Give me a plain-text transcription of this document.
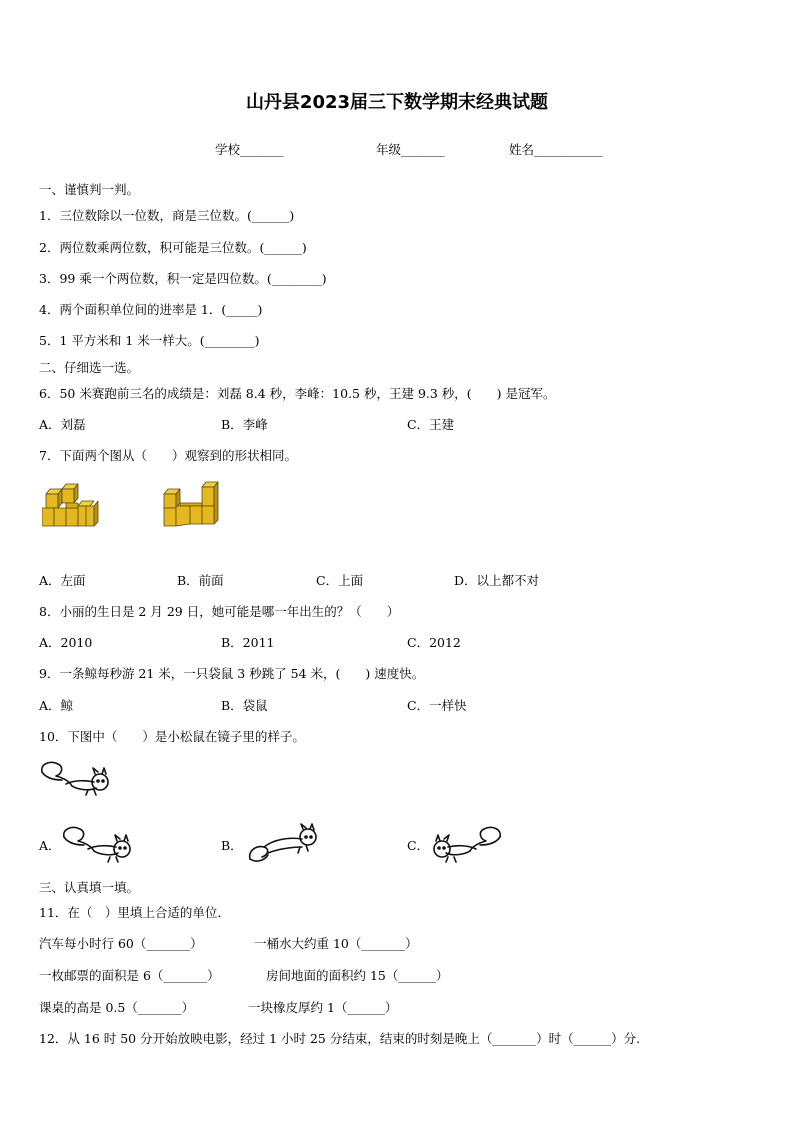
山丹县2023届三下数学期末经典试题
学校_______	年级_______	姓名___________
一、谨慎判一判。
1．三位数除以一位数，商是三位数。(______)
2．两位数乘两位数，积可能是三位数。(______)
3．99 乘一个两位数，积一定是四位数。(________)
4．两个面积单位间的进率是 1．(_____)
5．1 平方米和 1 米一样大。(________)
二、仔细选一选。
6．50 米赛跑前三名的成绩是：刘磊 8.4 秒，李峰：10.5 秒，王建 9.3 秒，(　　) 是冠军。
A．刘磊	B．李峰	C．王建
7．下面两个图从（　　）观察到的形状相同。
A．左面	B．前面	C．上面	D．以上都不对
8．小丽的生日是 2 月 29 日，她可能是哪一年出生的？（　　）
A．2010	B．2011	C．2012
9．一条鲸每秒游 21 米，一只袋鼠 3 秒跳了 54 米，(　　) 速度快。
A．鲸	B．袋鼠	C．一样快
10．下图中（　　）是小松鼠在镜子里的样子。
A．	B．	C．
三、认真填一填。
11．在（　）里填上合适的单位．
汽车每小时行 60（_______）	一桶水大约重 10（_______）
一枚邮票的面积是 6（_______）	房间地面的面积约 15（______）
课桌的高是 0.5（_______）	一块橡皮厚约 1（______）
12．从 16 时 50 分开始放映电影，经过 1 小时 25 分结束，结束的时刻是晚上（_______）时（______）分.
